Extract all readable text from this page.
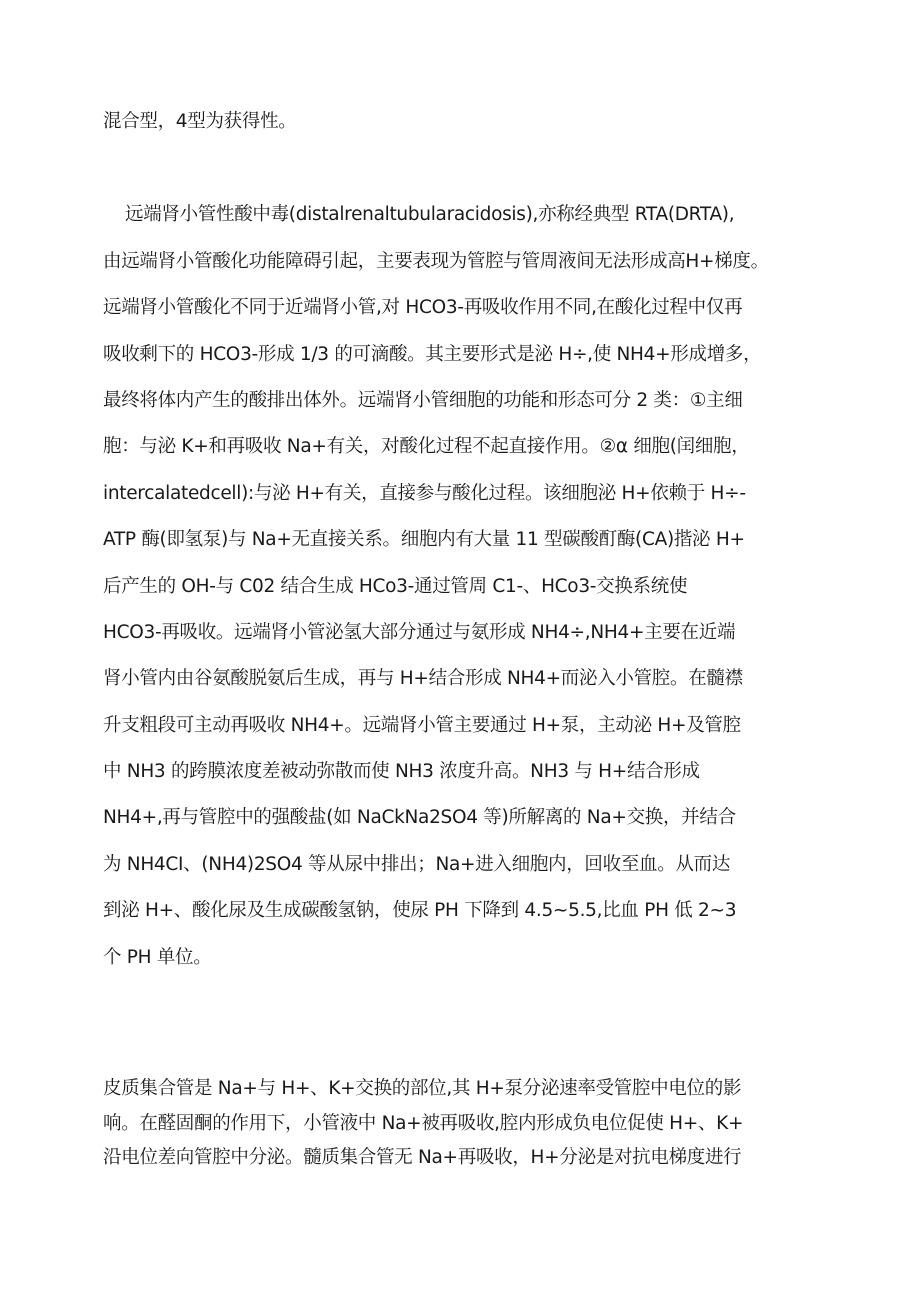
混合型，4型为获得性。
远端肾小管性酸中毒(distalrenaltubularacidosis),亦称经典型 RTA(DRTA),
由远端肾小管酸化功能障碍引起，主要表现为管腔与管周液间无法形成高H+梯度。
远端肾小管酸化不同于近端肾小管,对 HCO3-再吸收作用不同,在酸化过程中仅再
吸收剩下的 HCO3-形成 1/3 的可滴酸。其主要形式是泌 H÷,使 NH4+形成增多，
最终将体内产生的酸排出体外。远端肾小管细胞的功能和形态可分 2 类：①主细
胞：与泌 K+和再吸收 Na+有关，对酸化过程不起直接作用。②α 细胞(闰细胞，
intercalatedcell):与泌 H+有关，直接参与酸化过程。该细胞泌 H+依赖于 H÷-
ATP 酶(即氢泵)与 Na+无直接关系。细胞内有大量 11 型碳酸酊酶(CA)揩泌 H+
后产生的 OH-与 C02 结合生成 HCo3-通过管周 C1-、HCo3-交换系统使
HCO3-再吸收。远端肾小管泌氢大部分通过与氨形成 NH4÷,NH4+主要在近端
肾小管内由谷氨酸脱氨后生成，再与 H+结合形成 NH4+而泌入小管腔。在髓襟
升支粗段可主动再吸收 NH4+。远端肾小管主要通过 H+泵，主动泌 H+及管腔
中 NH3 的跨膜浓度差被动弥散而使 NH3 浓度升高。NH3 与 H+结合形成
NH4+,再与管腔中的强酸盐(如 NaCkNa2SO4 等)所解离的 Na+交换，并结合
为 NH4CI、(NH4)2SO4 等从尿中排出；Na+进入细胞内，回收至血。从而达
到泌 H+、酸化尿及生成碳酸氢钠，使尿 PH 下降到 4.5~5.5,比血 PH 低 2~3
个 PH 单位。
皮质集合管是 Na+与 H+、K+交换的部位,其 H+泵分泌速率受管腔中电位的影
响。在醛固酮的作用下，小管液中 Na+被再吸收,腔内形成负电位促使 H+、K+
沿电位差向管腔中分泌。髓质集合管无 Na+再吸收，H+分泌是对抗电梯度进行
